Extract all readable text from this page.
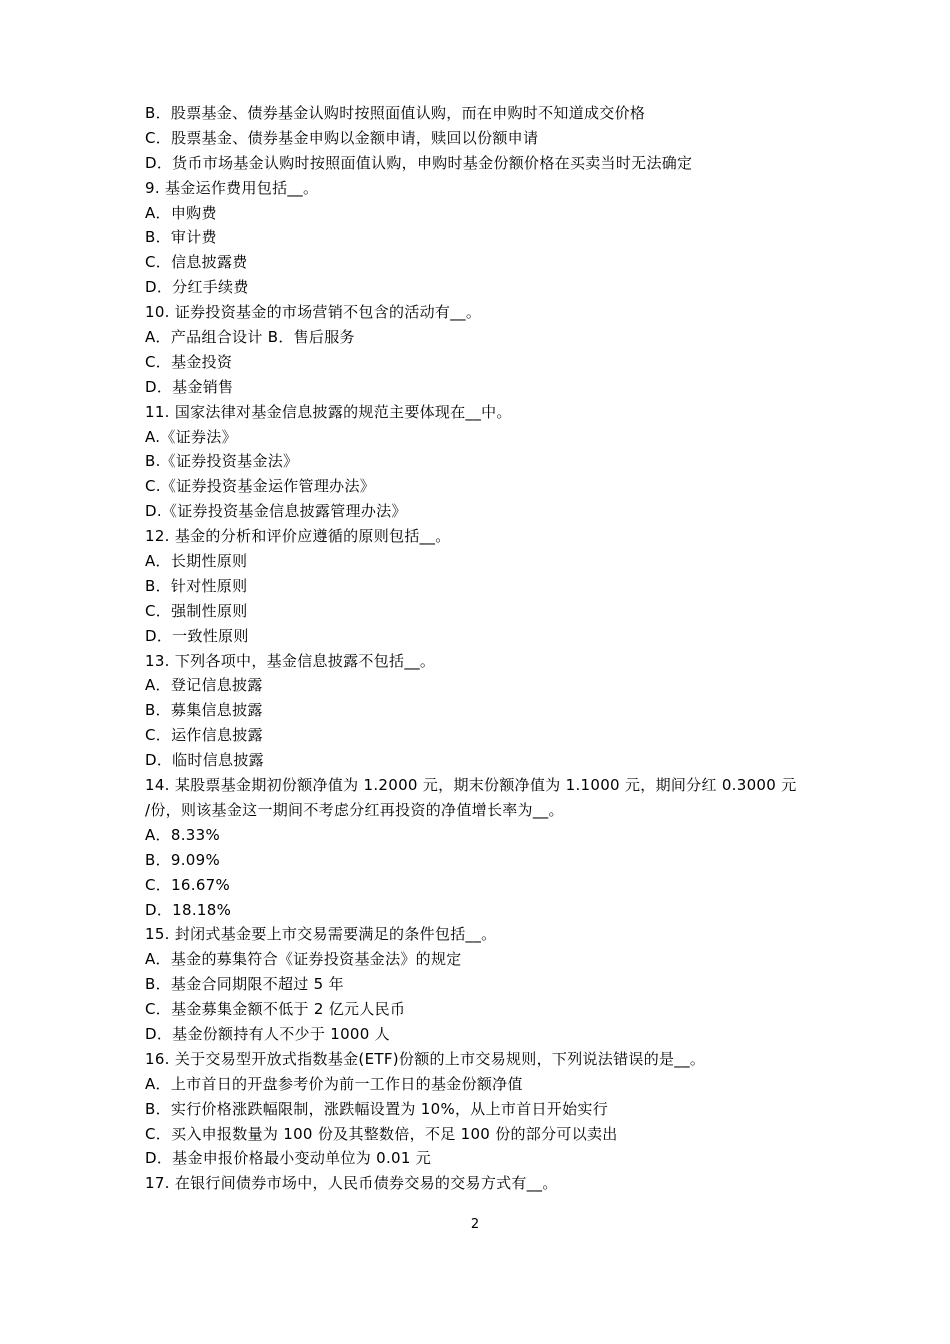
B．股票基金、债券基金认购时按照面值认购，而在申购时不知道成交价格
C．股票基金、债券基金申购以金额申请，赎回以份额申请
D．货币市场基金认购时按照面值认购，申购时基金份额价格在买卖当时无法确定
9. 基金运作费用包括__。
A．申购费
B．审计费
C．信息披露费
D．分红手续费
10. 证券投资基金的市场营销不包含的活动有__。
A．产品组合设计 B．售后服务
C．基金投资
D．基金销售
11. 国家法律对基金信息披露的规范主要体现在__中。
A.《证券法》
B.《证券投资基金法》
C.《证券投资基金运作管理办法》
D.《证券投资基金信息披露管理办法》
12. 基金的分析和评价应遵循的原则包括__。
A．长期性原则
B．针对性原则
C．强制性原则
D．一致性原则
13. 下列各项中，基金信息披露不包括__。
A．登记信息披露
B．募集信息披露
C．运作信息披露
D．临时信息披露
14. 某股票基金期初份额净值为 1.2000 元，期末份额净值为 1.1000 元，期间分红 0.3000 元
/份，则该基金这一期间不考虑分红再投资的净值增长率为__。
A．8.33%
B．9.09%
C．16.67%
D．18.18%
15. 封闭式基金要上市交易需要满足的条件包括__。
A．基金的募集符合《证券投资基金法》的规定
B．基金合同期限不超过 5 年
C．基金募集金额不低于 2 亿元人民币
D．基金份额持有人不少于 1000 人
16. 关于交易型开放式指数基金(ETF)份额的上市交易规则，下列说法错误的是__。
A．上市首日的开盘参考价为前一工作日的基金份额净值
B．实行价格涨跌幅限制，涨跌幅设置为 10%，从上市首日开始实行
C．买入申报数量为 100 份及其整数倍，不足 100 份的部分可以卖出
D．基金申报价格最小变动单位为 0.01 元
17. 在银行间债券市场中，人民币债券交易的交易方式有__。
2
